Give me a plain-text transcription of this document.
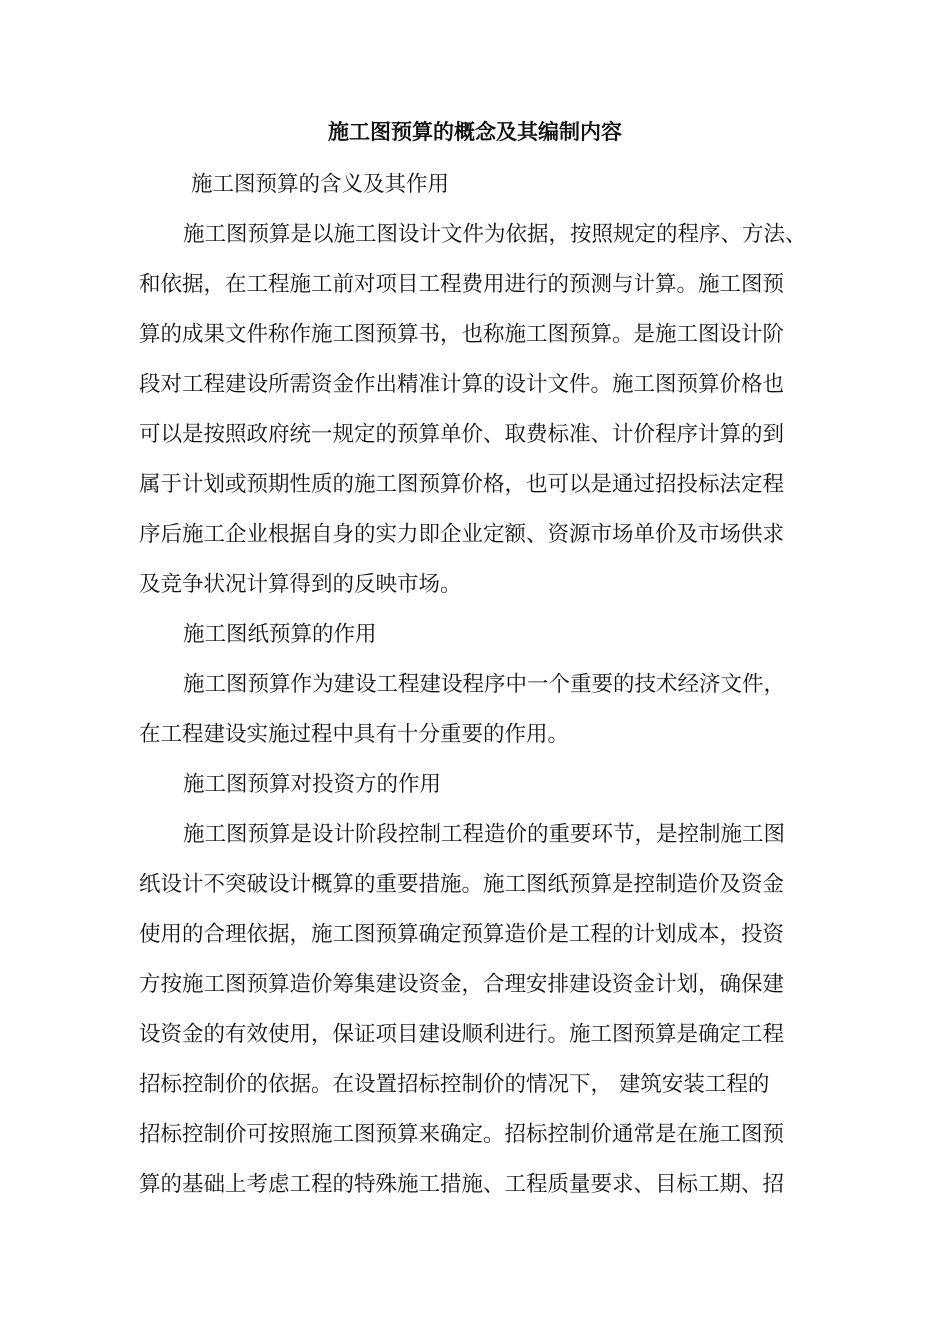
施工图预算的概念及其编制内容
施工图预算的含义及其作用
施工图预算是以施工图设计文件为依据，按照规定的程序、方法、
和依据，在工程施工前对项目工程费用进行的预测与计算。施工图预
算的成果文件称作施工图预算书，也称施工图预算。是施工图设计阶
段对工程建设所需资金作出精准计算的设计文件。施工图预算价格也
可以是按照政府统一规定的预算单价、取费标准、计价程序计算的到
属于计划或预期性质的施工图预算价格，也可以是通过招投标法定程
序后施工企业根据自身的实力即企业定额、资源市场单价及市场供求
及竞争状况计算得到的反映市场。
施工图纸预算的作用
施工图预算作为建设工程建设程序中一个重要的技术经济文件，
在工程建设实施过程中具有十分重要的作用。
施工图预算对投资方的作用
施工图预算是设计阶段控制工程造价的重要环节，是控制施工图
纸设计不突破设计概算的重要措施。施工图纸预算是控制造价及资金
使用的合理依据，施工图预算确定预算造价是工程的计划成本，投资
方按施工图预算造价筹集建设资金，合理安排建设资金计划，确保建
设资金的有效使用，保证项目建设顺利进行。施工图预算是确定工程
招标控制价的依据。在设置招标控制价的情况下， 建筑安装工程的
招标控制价可按照施工图预算来确定。招标控制价通常是在施工图预
算的基础上考虑工程的特殊施工措施、工程质量要求、目标工期、招
